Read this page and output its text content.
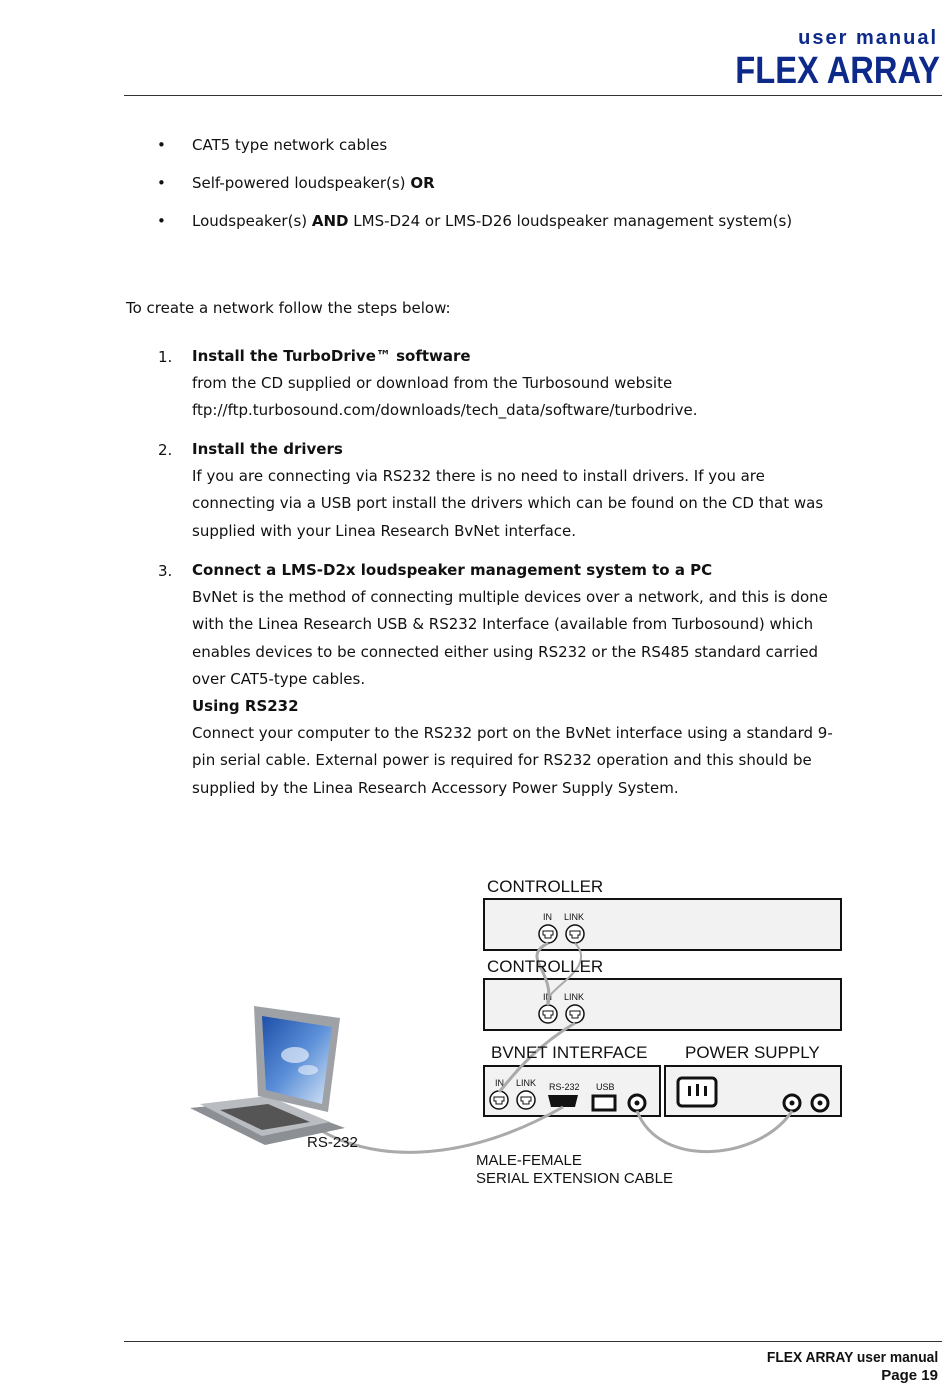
user manual
FLEX ARRAY
• CAT5 type network cables
• Self-powered loudspeaker(s) OR
• Loudspeaker(s) AND LMS-D24 or LMS-D26 loudspeaker management system(s)
To create a network follow the steps below:
1. Install the TurboDrive™ software
from the CD supplied or download from the Turbosound website
ftp://ftp.turbosound.com/downloads/tech_data/software/turbodrive.
2. Install the drivers
If you are connecting via RS232 there is no need to install drivers. If you are
connecting via a USB port install the drivers which can be found on the CD that was
supplied with your Linea Research BvNet interface.
3. Connect a LMS-D2x loudspeaker management system to a PC
BvNet is the method of connecting multiple devices over a network, and this is done
with the Linea Research USB & RS232 Interface (available from Turbosound) which
enables devices to be connected either using RS232 or the RS485 standard carried
over CAT5-type cables.
Using RS232
Connect your computer to the RS232 port on the BvNet interface using a standard 9-
pin serial cable. External power is required for RS232 operation and this should be
supplied by the Linea Research Accessory Power Supply System.
IN LINK
IN LINK
IN LINK RS-232 USB
CONTROLLER
CONTROLLER
BVNET INTERFACE POWER SUPPLY
RS-232
MALE-FEMALE
SERIAL EXTENSION CABLE
FLEX ARRAY user manual
Page 19
